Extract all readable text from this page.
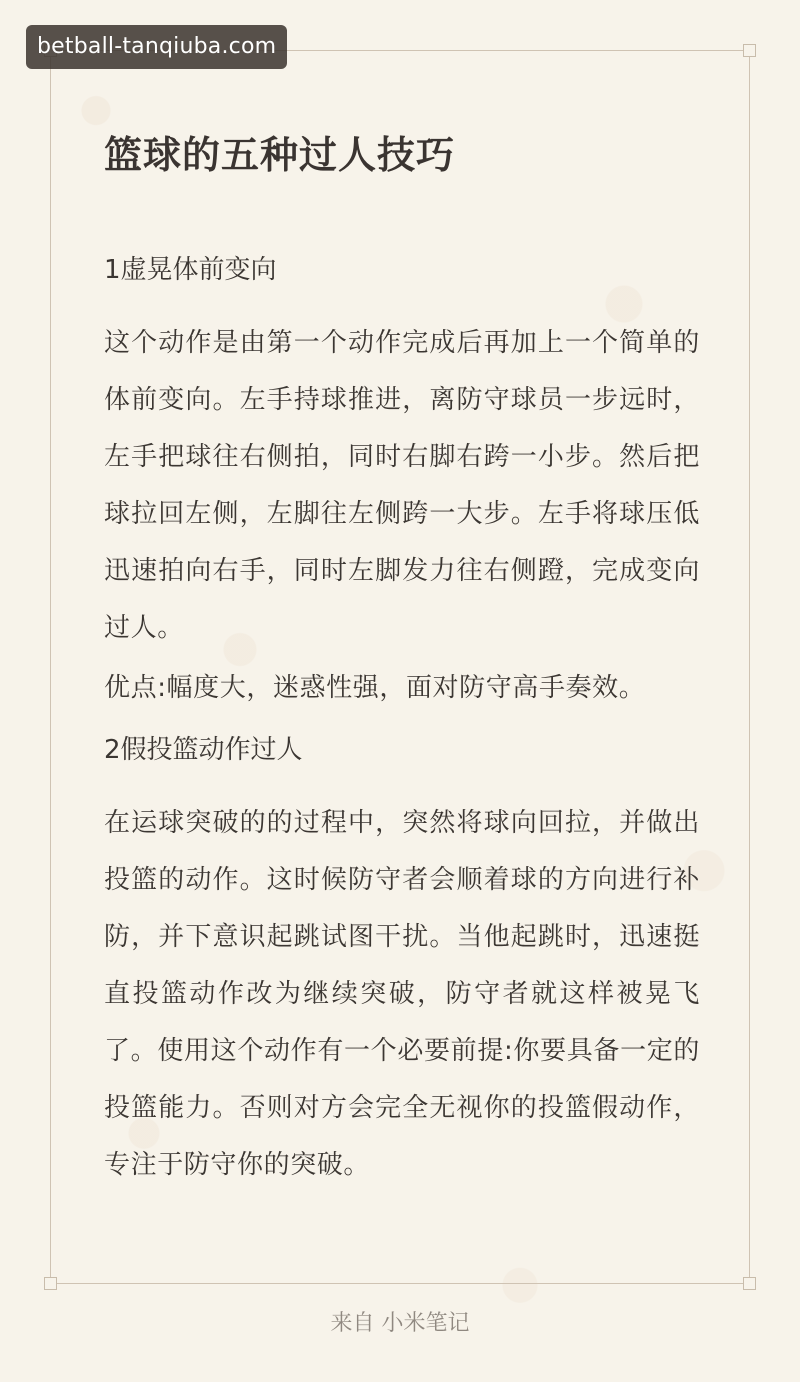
betball-tanqiuba.com
篮球的五种过人技巧

1虚晃体前变向

这个动作是由第一个动作完成后再加上一个简单的体前变向。左手持球推进，离防守球员一步远时，左手把球往右侧拍，同时右脚右跨一小步。然后把球拉回左侧，左脚往左侧跨一大步。左手将球压低迅速拍向右手，同时左脚发力往右侧蹬，完成变向过人。

优点:幅度大，迷惑性强，面对防守高手奏效。

2假投篮动作过人

在运球突破的的过程中，突然将球向回拉，并做出投篮的动作。这时候防守者会顺着球的方向进行补防，并下意识起跳试图干扰。当他起跳时，迅速挺直投篮动作改为继续突破，防守者就这样被晃飞了。使用这个动作有一个必要前提:你要具备一定的投篮能力。否则对方会完全无视你的投篮假动作，专注于防守你的突破。

来自 小米笔记
